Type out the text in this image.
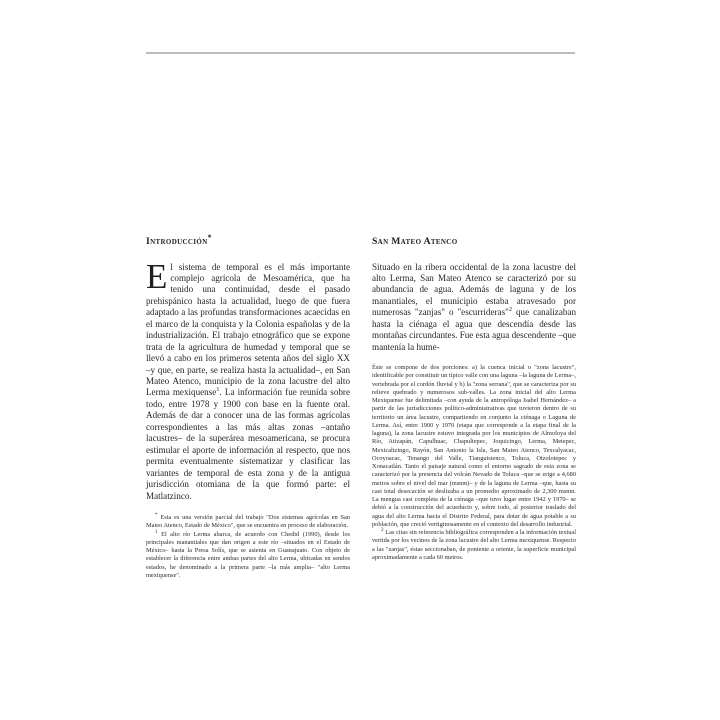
Introducción*

El sistema de temporal es el más importante complejo agrícola de Mesoamérica, que ha tenido una continuidad, desde el pasado prehispánico hasta la actualidad, luego de que fuera adaptado a las profundas transformaciones acaecidas en el marco de la conquista y la Colonia españolas y de la industrialización. El trabajo etnográfico que se expone trata de la agricultura de humedad y temporal que se llevó a cabo en los primeros setenta años del siglo XX –y que, en parte, se realiza hasta la actualidad–, en San Mateo Atenco, municipio de la zona lacustre del alto Lerma mexiquense$^1$. La información fue reunida sobre todo, entre 1978 y 1900 con base en la fuente oral. Además de dar a conocer una de las formas agrícolas correspondientes a las más altas zonas –antaño lacustres– de la superárea mesoamericana, se procura estimular el aporte de información al respecto, que nos permita eventualmente sistematizar y clasificar las variantes de temporal de esta zona y de la antigua jurisdicción otomiana de la que formó parte: el Matlatzinco.

* Esta es una versión parcial del trabajo "Dos sistemas agrícolas en San Mateo Atenco, Estado de México", que se encuentra en proceso de elaboración.

$^1$ El alto río Lerma abarca, de acuerdo con Chedid (1990), desde los principales manantiales que dan origen a este río –situados en el Estado de México– hasta la Presa Solís, que se asienta en Guanajuato. Con objeto de establecer la diferencia entre ambas partes del alto Lerma, ubicadas en sendos estados, he denominado a la primera parte –la más amplia– "alto Lerma mexiquense".

San Mateo Atenco

Situado en la ribera occidental de la zona lacustre del alto Lerma, San Mateo Atenco se caracterizó por su abundancia de agua. Además de laguna y de los manantiales, el municipio estaba atravesado por numerosas "zanjas" o "escurrideras"$^2$ que canalizaban hasta la ciénaga el agua que descendía desde las montañas circundantes. Fue esta agua descendente –que mantenía la hume-

Éste se compone de dos porciones: a) la cuenca inicial o "zona lacustre", identificable por constituir un típico valle con una laguna –la laguna de Lerma–, vertebrada por el cordón fluvial y b) la "zona serrana", que se caracteriza por su relieve quebrado y numerosos sub-valles. La zona inicial del alto Lerma Mexiquense fue delimitada –con ayuda de la antropóloga Isabel Hernández– a partir de las jurisdicciones político-administrativas que tuvieron dentro de su territorio un área lacustre, compartiendo en conjunto la ciénaga o Laguna de Lerma. Así, entre 1900 y 1970 (etapa que corresponde a la etapa final de la laguna), la zona lacustre estuvo integrada por los municipios de Almoloya del Río, Atizapán, Capulhuac, Chapultepec, Joquicingo, Lerma, Metepec, Mexicaltzingo, Rayón, San Antonio la Isla, San Mateo Atenco, Texcalyacac, Ocoyoacac, Tenango del Valle, Tianguistenco, Toluca, Otzolotepec y Xonacatlán. Tanto el paisaje natural como el entorno sagrado de esta zona se caracterizó por la presencia del volcán Nevado de Toluca –que se erige a 4,680 metros sobre el nivel del mar (msnm)– y de la laguna de Lerma –que, hasta su casi total desecación se deslizaba a un promedio aproximado de 2,300 msnm. La mengua casi completa de la ciénaga –que tuvo lugar entre 1942 y 1970– se debió a la construcción del acueducto y, sobre todo, al posterior traslado del agua del alto Lerma hacia el Distrito Federal, para dotar de agua potable a su población, que creció vertiginosamente en el contexto del desarrollo industrial.

$^2$ Las citas sin referencia bibliográfica corresponden a la información textual vertida por los vecinos de la zona lacustre del alto Lerma mexiquense. Respecto a las "zanjas", éstas seccionaban, de poniente a oriente, la superficie municipal aproximadamente a cada 60 metros.
